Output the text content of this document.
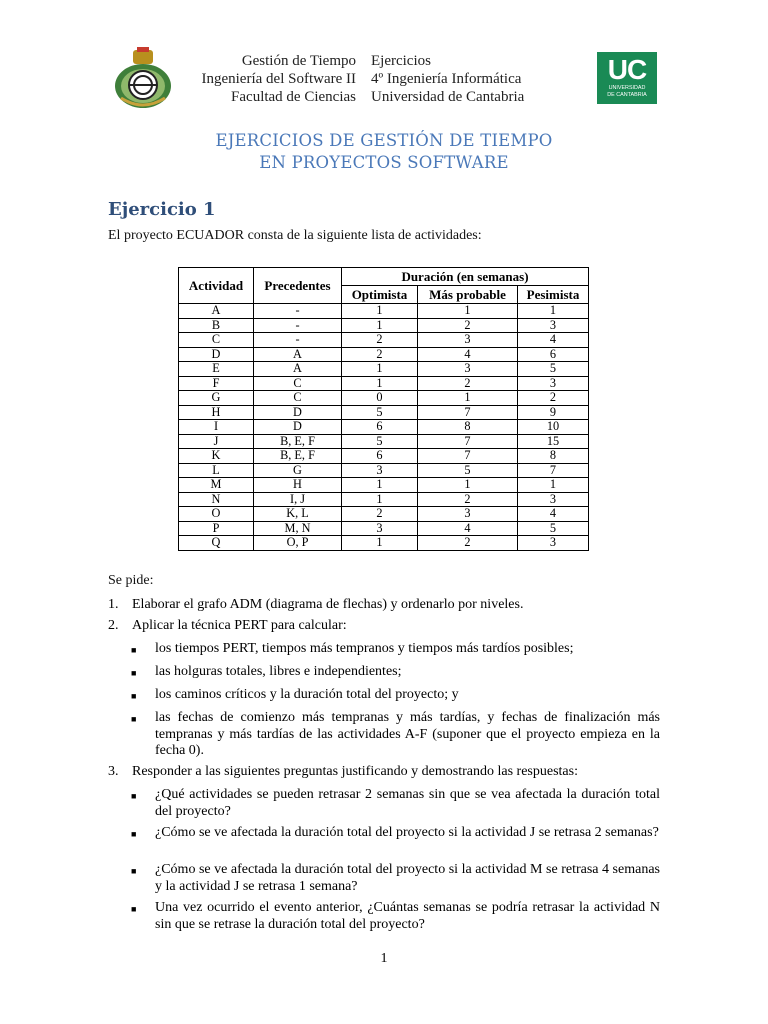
Gestión de Tiempo
Ingeniería del Software II
Facultad de Ciencias
Ejercicios
4º Ingeniería Informática
Universidad de Cantabria
UC
UNIVERSIDAD
DE CANTABRIA
EJERCICIOS DE GESTIÓN DE TIEMPO
EN PROYECTOS SOFTWARE
Ejercicio 1
El proyecto ECUADOR consta de la siguiente lista de actividades:
Actividad	Precedentes	Duración (en semanas)		
		Optimista	Más probable	Pesimista
A	-	1	1	1
B	-	1	2	3
C	-	2	3	4
D	A	2	4	6
E	A	1	3	5
F	C	1	2	3
G	C	0	1	2
H	D	5	7	9
I	D	6	8	10
J	B, E, F	5	7	15
K	B, E, F	6	7	8
L	G	3	5	7
M	H	1	1	1
N	I, J	1	2	3
O	K, L	2	3	4
P	M, N	3	4	5
Q	O, P	1	2	3
Se pide:
1. Elaborar el grafo ADM (diagrama de flechas) y ordenarlo por niveles.
2. Aplicar la técnica PERT para calcular:
■ los tiempos PERT, tiempos más tempranos y tiempos más tardíos posibles;
■ las holguras totales, libres e independientes;
■ los caminos críticos y la duración total del proyecto; y
■ las fechas de comienzo más tempranas y más tardías, y fechas de finalización más tempranas y más tardías de las actividades A-F (suponer que el proyecto empieza en la fecha 0).
3. Responder a las siguientes preguntas justificando y demostrando las respuestas:
■ ¿Qué actividades se pueden retrasar 2 semanas sin que se vea afectada la duración total del proyecto?
■ ¿Cómo se ve afectada la duración total del proyecto si la actividad J se retrasa 2 semanas?
■ ¿Cómo se ve afectada la duración total del proyecto si la actividad M se retrasa 4 semanas y la actividad J se retrasa 1 semana?
■ Una vez ocurrido el evento anterior, ¿Cuántas semanas se podría retrasar la actividad N sin que se retrase la duración total del proyecto?
1
